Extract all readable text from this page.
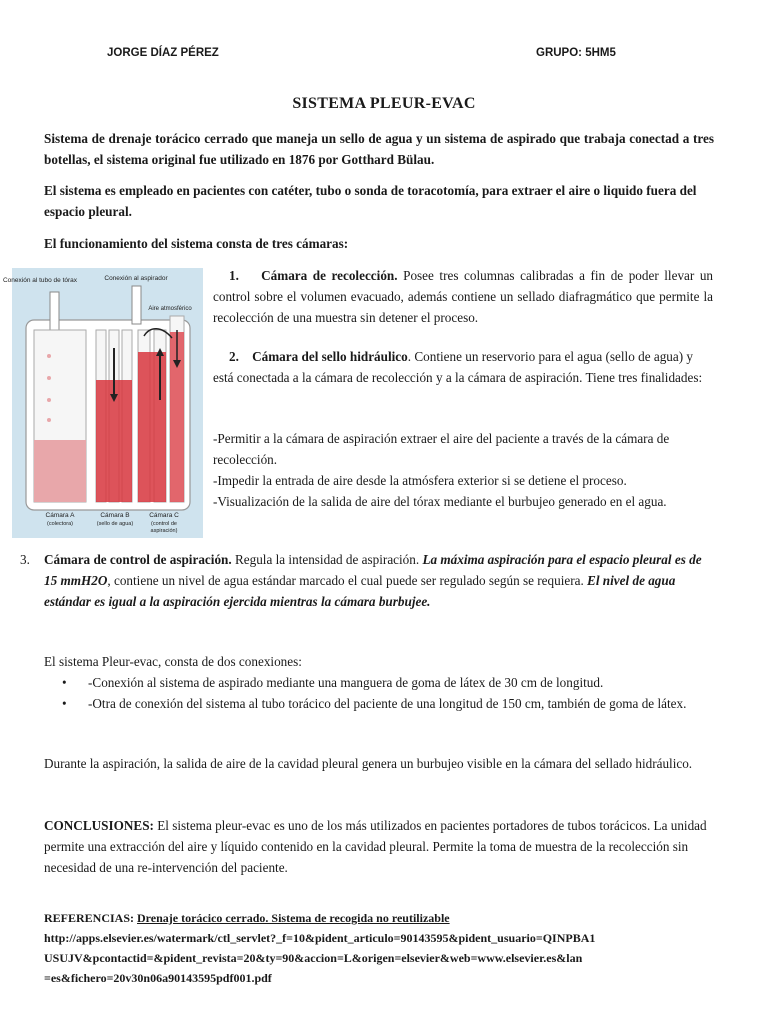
JORGE DÍAZ PÉREZ	GRUPO: 5HM5
SISTEMA PLEUR-EVAC
Sistema de drenaje torácico cerrado que maneja un sello de agua y un sistema de aspirado que trabaja conectad a tres botellas, el sistema original fue utilizado en 1876 por Gotthard Bülau.
El sistema es empleado en pacientes con catéter, tubo o sonda de toracotomía, para extraer el aire o liquido fuera del espacio pleural.
El funcionamiento del sistema consta de tres cámaras:
Conexión al tubo de tórax	Conexión al aspirador
Aire atmosférico
Cámara A
(colectora)
Cámara B
(sello de agua)
Cámara C
(control de
aspiración)
1. Cámara de recolección. Posee tres columnas calibradas a fin de poder llevar un control sobre el volumen evacuado, además contiene un sellado diafragmático que permite la recolección de una muestra sin detener el proceso.
2. Cámara del sello hidráulico. Contiene un reservorio para el agua (sello de agua) y está conectada a la cámara de recolección y a la cámara de aspiración. Tiene tres finalidades:
-Permitir a la cámara de aspiración extraer el aire del paciente a través de la cámara de recolección.
-Impedir la entrada de aire desde la atmósfera exterior si se detiene el proceso.
-Visualización de la salida de aire del tórax mediante el burbujeo generado en el agua.
3.	Cámara de control de aspiración. Regula la intensidad de aspiración. La máxima aspiración para el espacio pleural es de 15 mmH2O, contiene un nivel de agua estándar marcado el cual puede ser regulado según se requiera. El nivel de agua estándar es igual a la aspiración ejercida mientras la cámara burbujee.
El sistema Pleur-evac, consta de dos conexiones:
• -Conexión al sistema de aspirado mediante una manguera de goma de látex de 30 cm de longitud.
• -Otra de conexión del sistema al tubo torácico del paciente de una longitud de 150 cm, también de goma de látex.
Durante la aspiración, la salida de aire de la cavidad pleural genera un burbujeo visible en la cámara del sellado hidráulico.
CONCLUSIONES: El sistema pleur-evac es uno de los más utilizados en pacientes portadores de tubos torácicos. La unidad permite una extracción del aire y líquido contenido en la cavidad pleural. Permite la toma de muestra de la recolección sin necesidad de una re-intervención del paciente.
REFERENCIAS: Drenaje torácico cerrado. Sistema de recogida no reutilizable
http://apps.elsevier.es/watermark/ctl_servlet?_f=10&pident_articulo=90143595&pident_usuario=QINPBA1
USUJV&pcontactid=&pident_revista=20&ty=90&accion=L&origen=elsevier&web=www.elsevier.es&lan
=es&fichero=20v30n06a90143595pdf001.pdf
